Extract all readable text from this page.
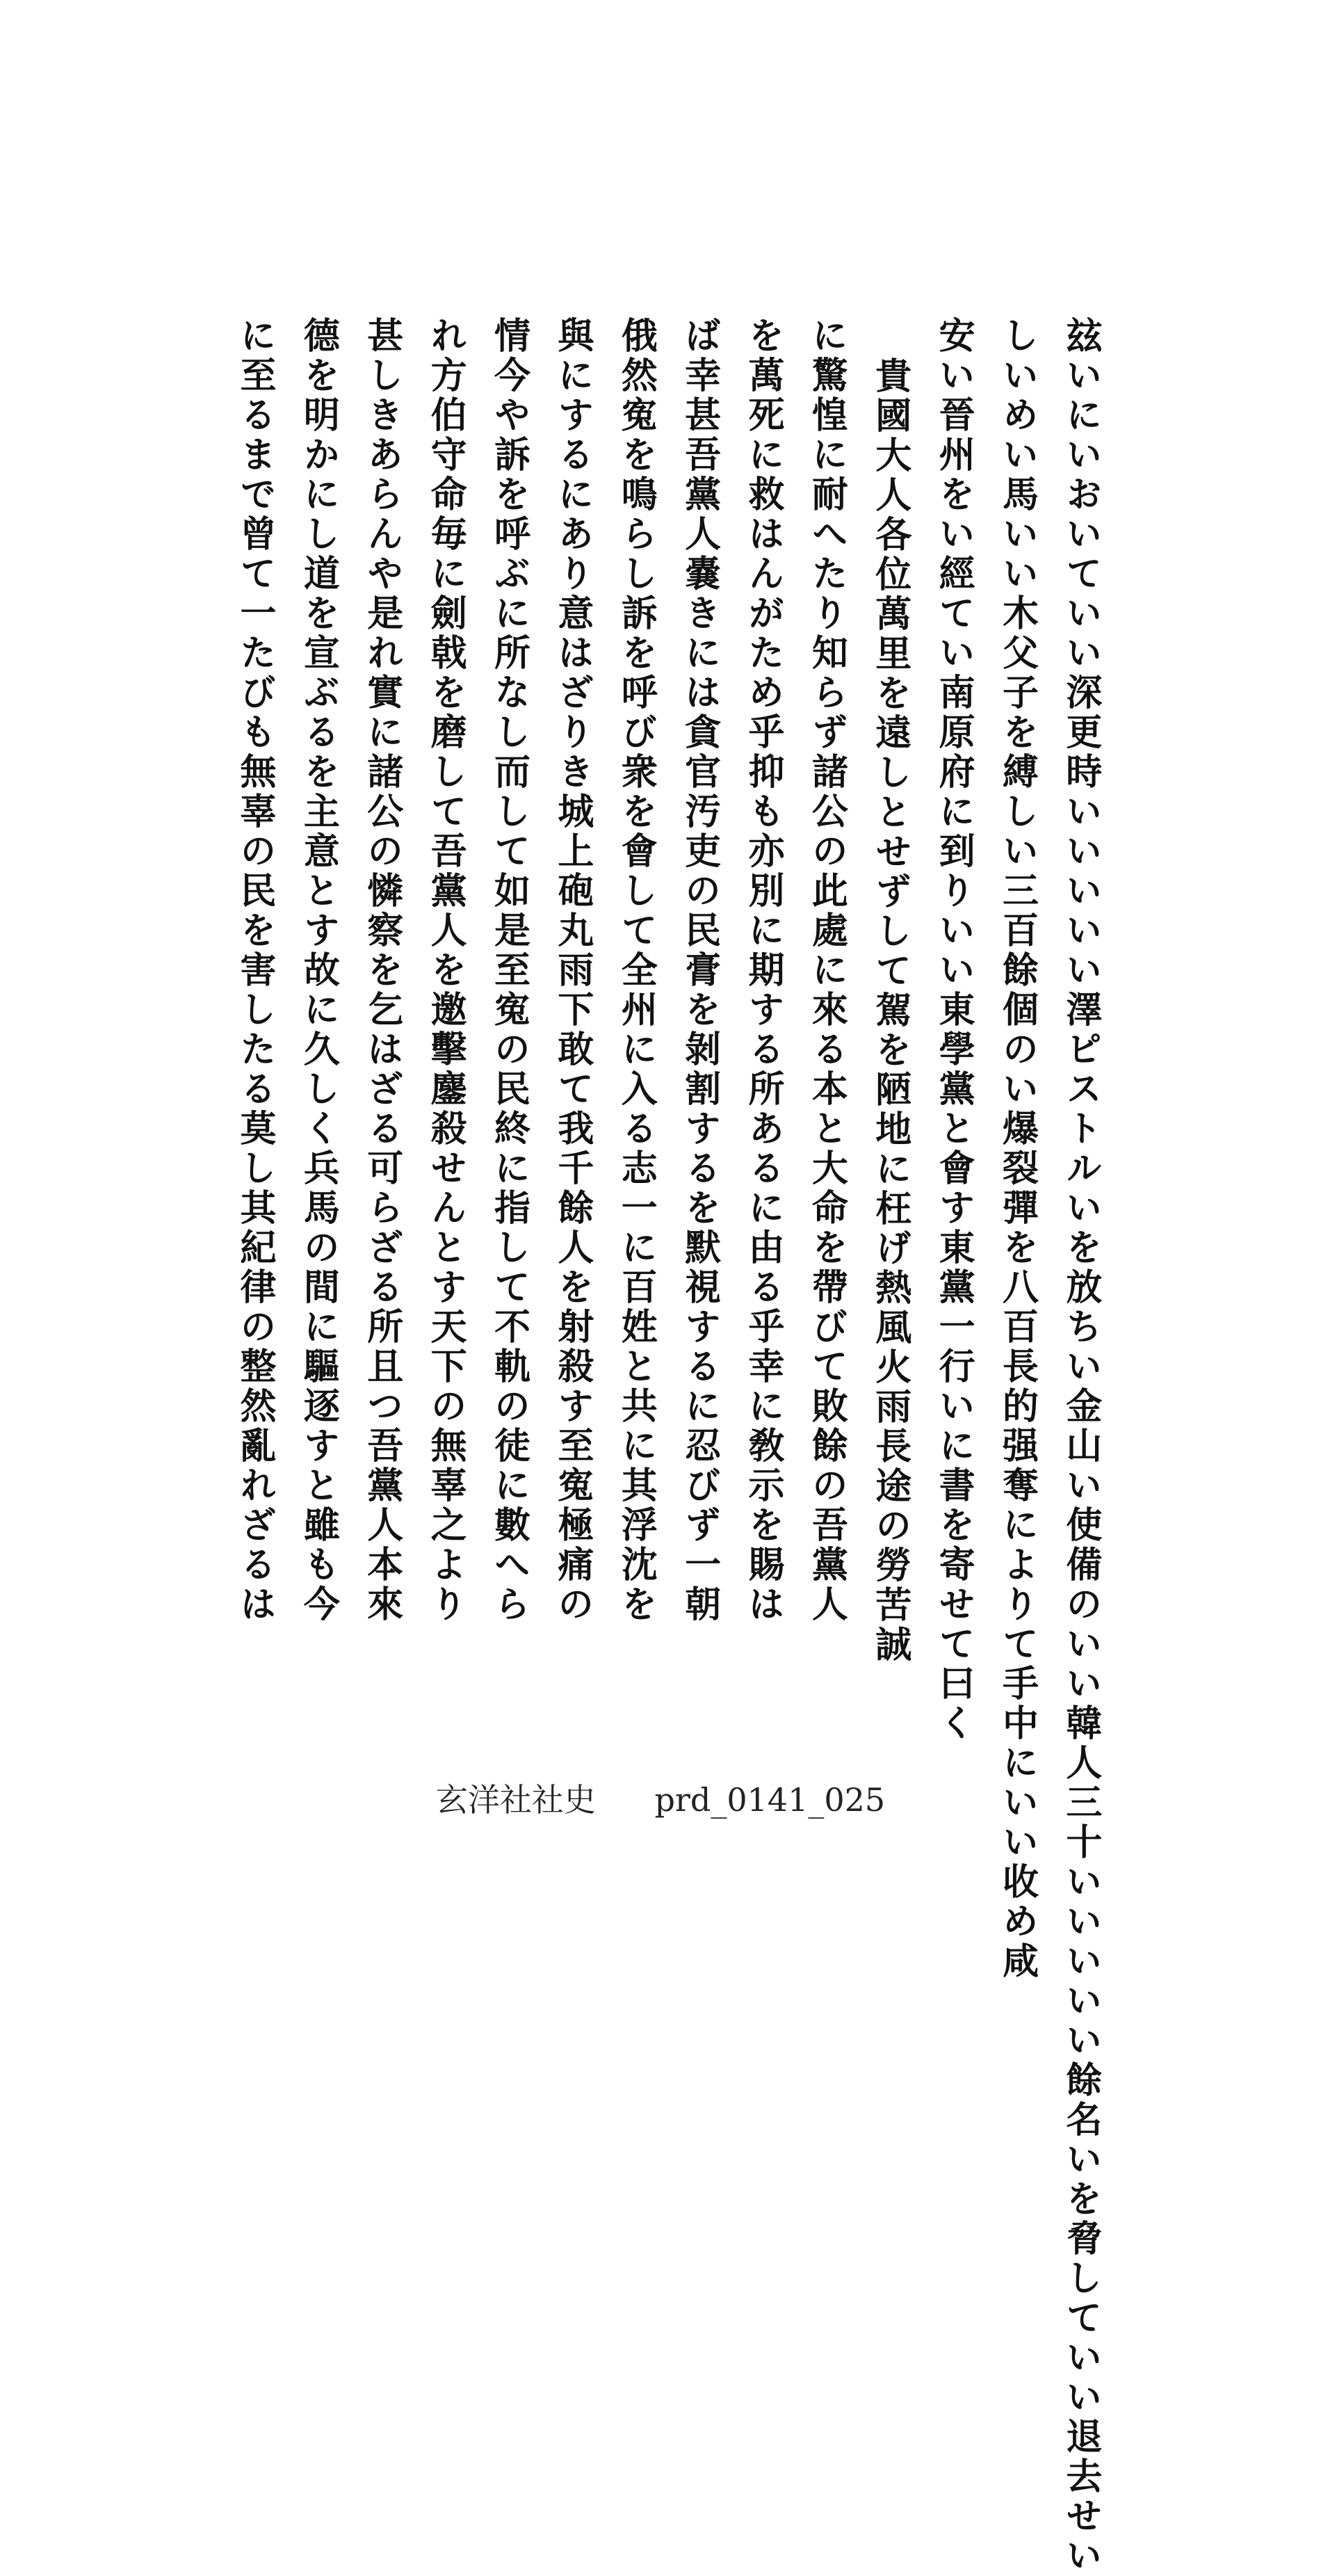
玆いにいおいていい深更時いいいいい澤ピストルいを放ちい金山い使備のいい韓人三十いいいいい餘名いを脅していい退去せい
しいめい馬いい木父子を縛しい三百餘個のい爆裂彈を八百長的强奪によりて手中にいい收め咸
安い晉州をい經てい南原府に到りいい東學黨と會す東黨一行いに書を寄せて曰く
貴國大人各位萬里を遠しとせずして駕を陋地に枉げ熱風火雨長途の勞苦誠
に驚惶に耐へたり知らず諸公の此處に來る本と大命を帶びて敗餘の吾黨人
を萬死に救はんがため乎抑も亦別に期する所あるに由る乎幸に敎示を賜は
ば幸甚吾黨人嚢きには貪官汚吏の民膏を剝割するを默視するに忍びず一朝
俄然寃を鳴らし訴を呼び衆を會して全州に入る志一に百姓と共に其浮沈を
與にするにあり意はざりき城上砲丸雨下敢て我千餘人を射殺す至寃極痛の
情今や訴を呼ぶに所なし而して如是至寃の民終に指して不軌の徒に數へら
れ方伯守命毎に劍戟を磨して吾黨人を邀擊鏖殺せんとす天下の無辜之より
甚しきあらんや是れ實に諸公の憐察を乞はざる可らざる所且つ吾黨人本來
德を明かにし道を宣ぶるを主意とす故に久しく兵馬の間に驅逐すと雖も今
に至るまで曾て一たびも無辜の民を害したる莫し其紀律の整然亂れざるは
玄洋社社史 prd_0141_025
